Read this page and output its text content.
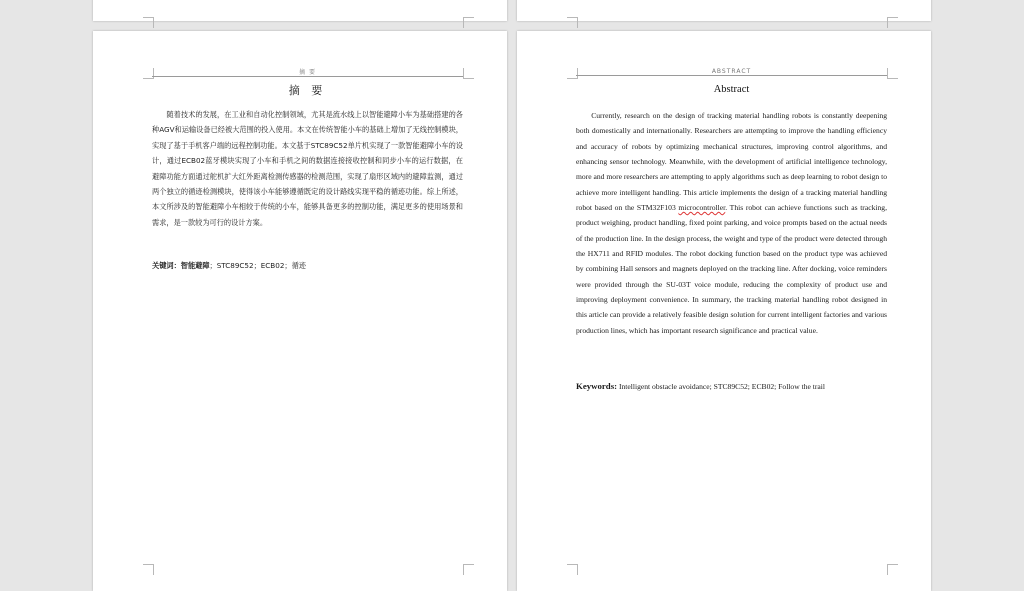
摘 要
摘 要

随着技术的发展，在工业和自动化控制领域，尤其是流水线上以智能避障小车为基础搭建的各种AGV和运输设备已经被大范围的投入使用。本文在传统智能小车的基础上增加了无线控制模块，实现了基于手机客户端的远程控制功能。本文基于STC89C52单片机实现了一款智能避障小车的设计，通过ECB02蓝牙模块实现了小车和手机之间的数据连接接收控制和同步小车的运行数据，在避障功能方面通过舵机扩大红外距离检测传感器的检测范围，实现了扇形区域内的避障监测，通过两个独立的循迹检测模块，使得该小车能够遵循既定的设计路线实现平稳的循迹功能。综上所述，本文所涉及的智能避障小车相较于传统的小车，能够具备更多的控制功能，满足更多的使用场景和需求，是一款较为可行的设计方案。

关键词：智能避障；STC89C52；ECB02；循迹

ABSTRACT
Abstract

Currently, research on the design of tracking material handling robots is constantly deepening both domestically and internationally. Researchers are attempting to improve the handling efficiency and accuracy of robots by optimizing mechanical structures, improving control algorithms, and enhancing sensor technology. Meanwhile, with the development of artificial intelligence technology, more and more researchers are attempting to apply algorithms such as deep learning to robot design to achieve more intelligent handling. This article implements the design of a tracking material handling robot based on the STM32F103 microcontroller. This robot can achieve functions such as tracking, product weighing, product handling, fixed point parking, and voice prompts based on the actual needs of the production line. In the design process, the weight and type of the product were detected through the HX711 and RFID modules. The robot docking function based on the product type was achieved by combining Hall sensors and magnets deployed on the tracking line. After docking, voice reminders were provided through the SU-03T voice module, reducing the complexity of product use and improving deployment convenience. In summary, the tracking material handling robot designed in this article can provide a relatively feasible design solution for current intelligent factories and various production lines, which has important research significance and practical value.

Keywords: Intelligent obstacle avoidance; STC89C52; ECB02; Follow the trail
